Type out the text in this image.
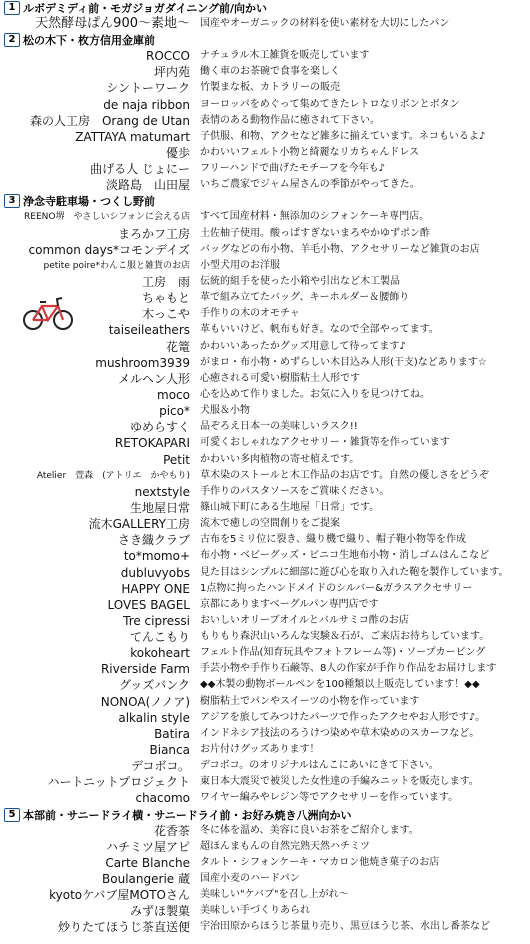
1 ルボデミディ前・モガジョガダイニング前/向かい
天然酵母ぱん900〜素地〜 国産やオーガニックの材料を使い素材を大切にしたパン
2 松の木下・枚方信用金庫前
ROCCO ナチュラル木工雑貨を販売しています
坪内苑 働く車のお茶碗で食事を楽しく
シントーワーク 竹製まな板、カトラリーの販売
de naja ribbon ヨーロッパをめぐって集めてきたレトロなリボンとボタン
森の人工房　Orang de Utan 表情のある動物作品に癒されて下さい。
ZATTAYA matumart 子供服、和物、アクセなど雑多に揃えています。ネコもいるよ♪
優歩 かわいいフェルト小物と綺麗なリカちゃんドレス
曲げる人 じょにー フリーハンドで曲げたモチーフを今年も♪
淡路島　山田屋 いちご農家でジャム屋さんの季節がやってきた。
3 浄念寺駐車場・つくし野前
REENO堺　やさしいシフォンに会える店 すべて国産材料・無添加のシフォンケーキ専門店。
まろかフ工房 土佐柚子使用。酸っぱすぎないまろやかゆずポン酢
common days*コモンデイズ バッグなどの布小物、羊毛小物、アクセサリーなど雑貨のお店
petite poire*わんこ服と雑貨のお店 小型犬用のお洋服
工房　雨 伝統的組手を使った小箱や引出など木工製品
ちゃもと 革で組み立てたバッグ、キーホルダー＆腰飾り
木っこや 手作りの木のオモチャ
taiseileathers 革もいいけど、帆布も好き。なので全部やってます。
花篭 かわいいあったかグッズ用意して待ってます♪
mushroom3939 がまロ・布小物・めずらしい木目込み人形(干支)などあります☆
メルヘン人形 心癒される可愛い樹脂粘土人形です
moco 心を込めて作りました。お気に入りを見つけてね。
pico* 犬服＆小物
ゆめらすく 品ぞろえ日本一の美味しいラスク!!
RETOKAPARI 可愛くおしゃれなアクセサリー・雑貨等を作っています
Petit かわいい多肉植物の寄せ植えです。
Atelier　萱森　(アトリエ　かやもり) 草木染のストールと木工作品のお店です。自然の優しさをどうぞ
nextstyle 手作りのパスタソースをご賞味ください。
生地屋日常 篠山城下町にある生地屋「日常」です。
流木GALLERY工房 流木で癒しの空間創りをご提案
さき織クラブ 古布を5ミリ位に裂き、織り機で織り、帽子鞄小物等を作成
to*momo+ 布小物・ベビーグッズ・ビニコ生地布小物・消しゴムはんこなど
dubluvyobs 見た目はシンプルに細部に遊び心を取り入れた鞄を製作しています。
HAPPY ONE 1点物に拘ったハンドメイドのシルバー&ガラスアクセサリー
LOVES BAGEL 京都にありますベーグルパン専門店です
Tre cipressi おいしいオリーブオイルとバルサミコ酢のお店
てんこもり もりもり森沢山いろんな実験＆石が、ご来店お待ちしています。
kokoheart フェルト作品(知育玩具やフォトフレーム等)・ソープカービング
Riverside Farm 手芸小物や手作り石鹸等、8人の作家が手作り作品をお届けします
グッズバンク ◆◆木製の動物ボールペンを100種類以上販売しています！◆◆
NONOA(ノノア) 樹脂粘土でパンやスイーツの小物を作っています
alkalin style アジアを旅してみつけたパーツで作ったアクセやお人形です♪。
Batira インドネシア技法のろうけつ染めや草木染めのスカーフなど。
Bianca お片付けグッズあります！
デコボコ。 デコボコ。のオリジナルはんこにあいにきて下さい。
ハートニットプロジェクト 東日本大震災で被災した女性達の手編みニットを販売します。
chacomo ワイヤー編みやレジン等でアクセサリーを作っています。
5 本部前・サニードライ横・サニードライ前・お好み焼き八洲向かい
花香茶 冬に体を温め、美容に良いお茶をご紹介します。
ハチミツ屋アピ 超ほんまもんの自然完熟天然ハチミツ
Carte Blanche タルト・シフォンケーキ・マカロン他焼き菓子のお店
Boulangerie 蔵 国産小麦のハードパン
kyotoケバブ屋MOTOさん 美味しい"ケバブ"を召し上がれ〜
みずほ製菓 美味しい手づくりあられ
炒りたてほうじ茶直送便 宇治田原からほうじ茶量り売り、黒豆ほうじ茶、水出し番茶など
